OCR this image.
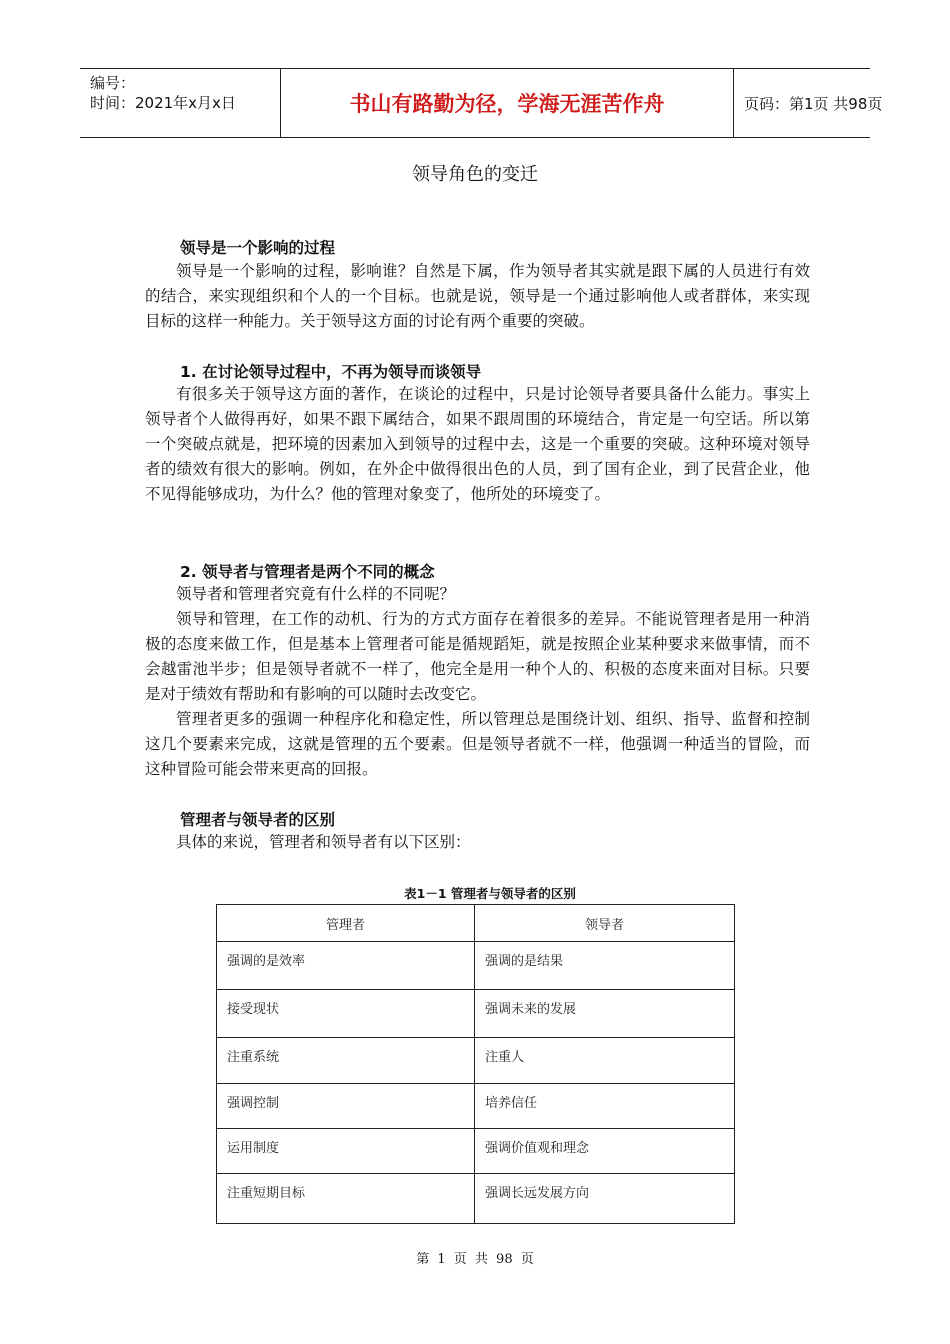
编号：
时间：2021年x月x日	书山有路勤为径，学海无涯苦作舟	页码：第1页 共98页
领导角色的变迁
领导是一个影响的过程
领导是一个影响的过程，影响谁？自然是下属，作为领导者其实就是跟下属的人员进行有效的结合，来实现组织和个人的一个目标。也就是说，领导是一个通过影响他人或者群体，来实现目标的这样一种能力。关于领导这方面的讨论有两个重要的突破。
1. 在讨论领导过程中，不再为领导而谈领导
有很多关于领导这方面的著作，在谈论的过程中，只是讨论领导者要具备什么能力。事实上领导者个人做得再好，如果不跟下属结合，如果不跟周围的环境结合，肯定是一句空话。所以第一个突破点就是，把环境的因素加入到领导的过程中去，这是一个重要的突破。这种环境对领导者的绩效有很大的影响。例如，在外企中做得很出色的人员，到了国有企业，到了民营企业，他不见得能够成功，为什么？他的管理对象变了，他所处的环境变了。
2. 领导者与管理者是两个不同的概念
领导者和管理者究竟有什么样的不同呢？
领导和管理，在工作的动机、行为的方式方面存在着很多的差异。不能说管理者是用一种消极的态度来做工作，但是基本上管理者可能是循规蹈矩，就是按照企业某种要求来做事情，而不会越雷池半步；但是领导者就不一样了，他完全是用一种个人的、积极的态度来面对目标。只要是对于绩效有帮助和有影响的可以随时去改变它。
管理者更多的强调一种程序化和稳定性，所以管理总是围绕计划、组织、指导、监督和控制这几个要素来完成，这就是管理的五个要素。但是领导者就不一样，他强调一种适当的冒险，而这种冒险可能会带来更高的回报。
管理者与领导者的区别
具体的来说，管理者和领导者有以下区别：
表1－1 管理者与领导者的区别
管理者	领导者
强调的是效率	强调的是结果
接受现状	强调未来的发展
注重系统	注重人
强调控制	培养信任
运用制度	强调价值观和理念
注重短期目标	强调长远发展方向
第 1 页 共 98 页
